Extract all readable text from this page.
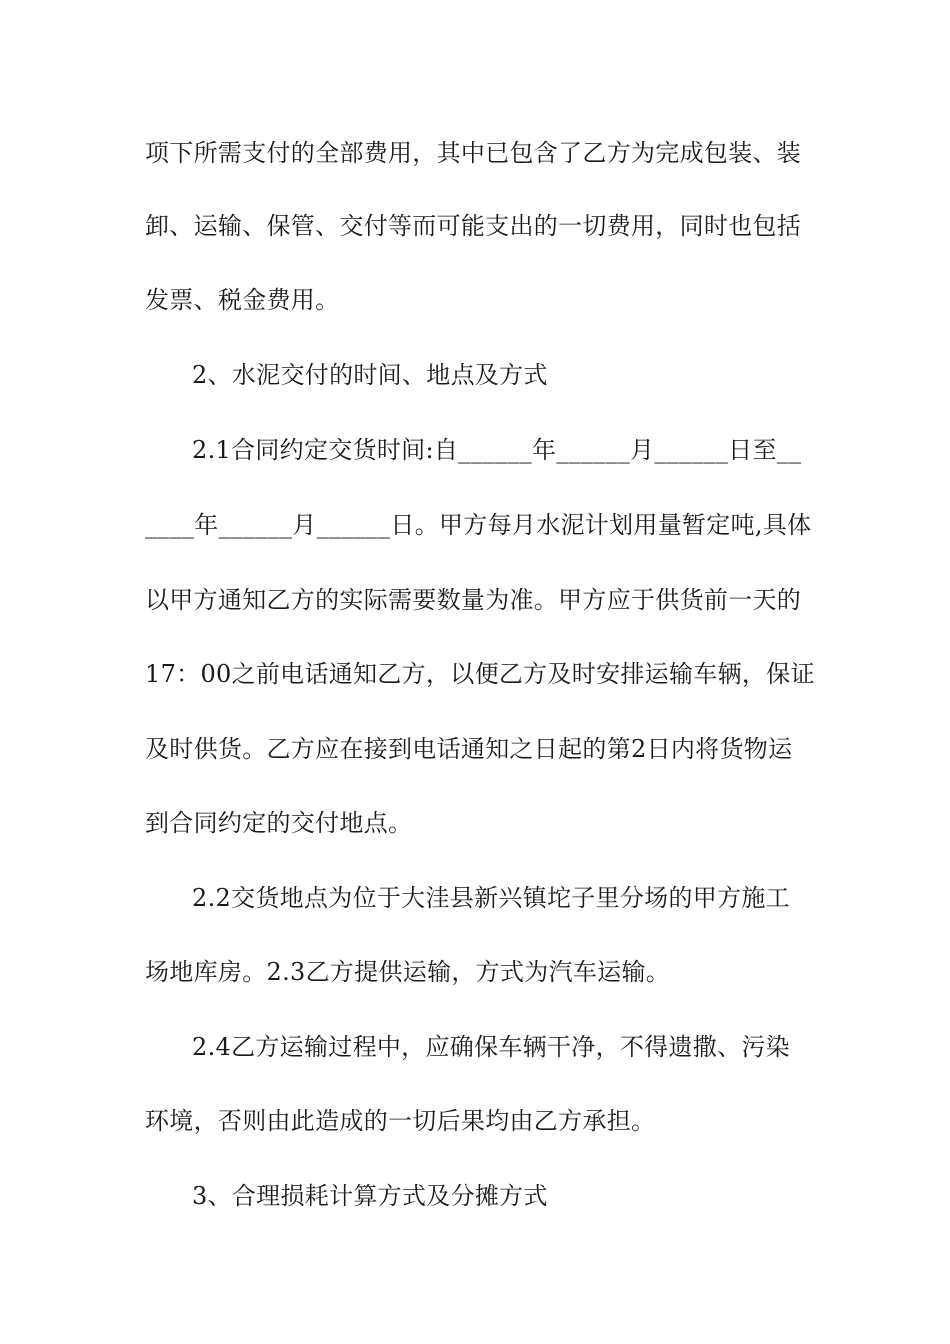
项下所需支付的全部费用，其中已包含了乙方为完成包装、装
卸、运输、保管、交付等而可能支出的一切费用，同时也包括
发票、税金费用。
2、水泥交付的时间、地点及方式
2.1合同约定交货时间:自______年______月______日至__
____年______月______日。甲方每月水泥计划用量暂定吨,具体
以甲方通知乙方的实际需要数量为准。甲方应于供货前一天的
17：00之前电话通知乙方，以便乙方及时安排运输车辆，保证
及时供货。乙方应在接到电话通知之日起的第2日内将货物运
到合同约定的交付地点。
2.2交货地点为位于大洼县新兴镇坨子里分场的甲方施工
场地库房。2.3乙方提供运输，方式为汽车运输。
2.4乙方运输过程中，应确保车辆干净，不得遗撒、污染
环境，否则由此造成的一切后果均由乙方承担。
3、合理损耗计算方式及分摊方式
